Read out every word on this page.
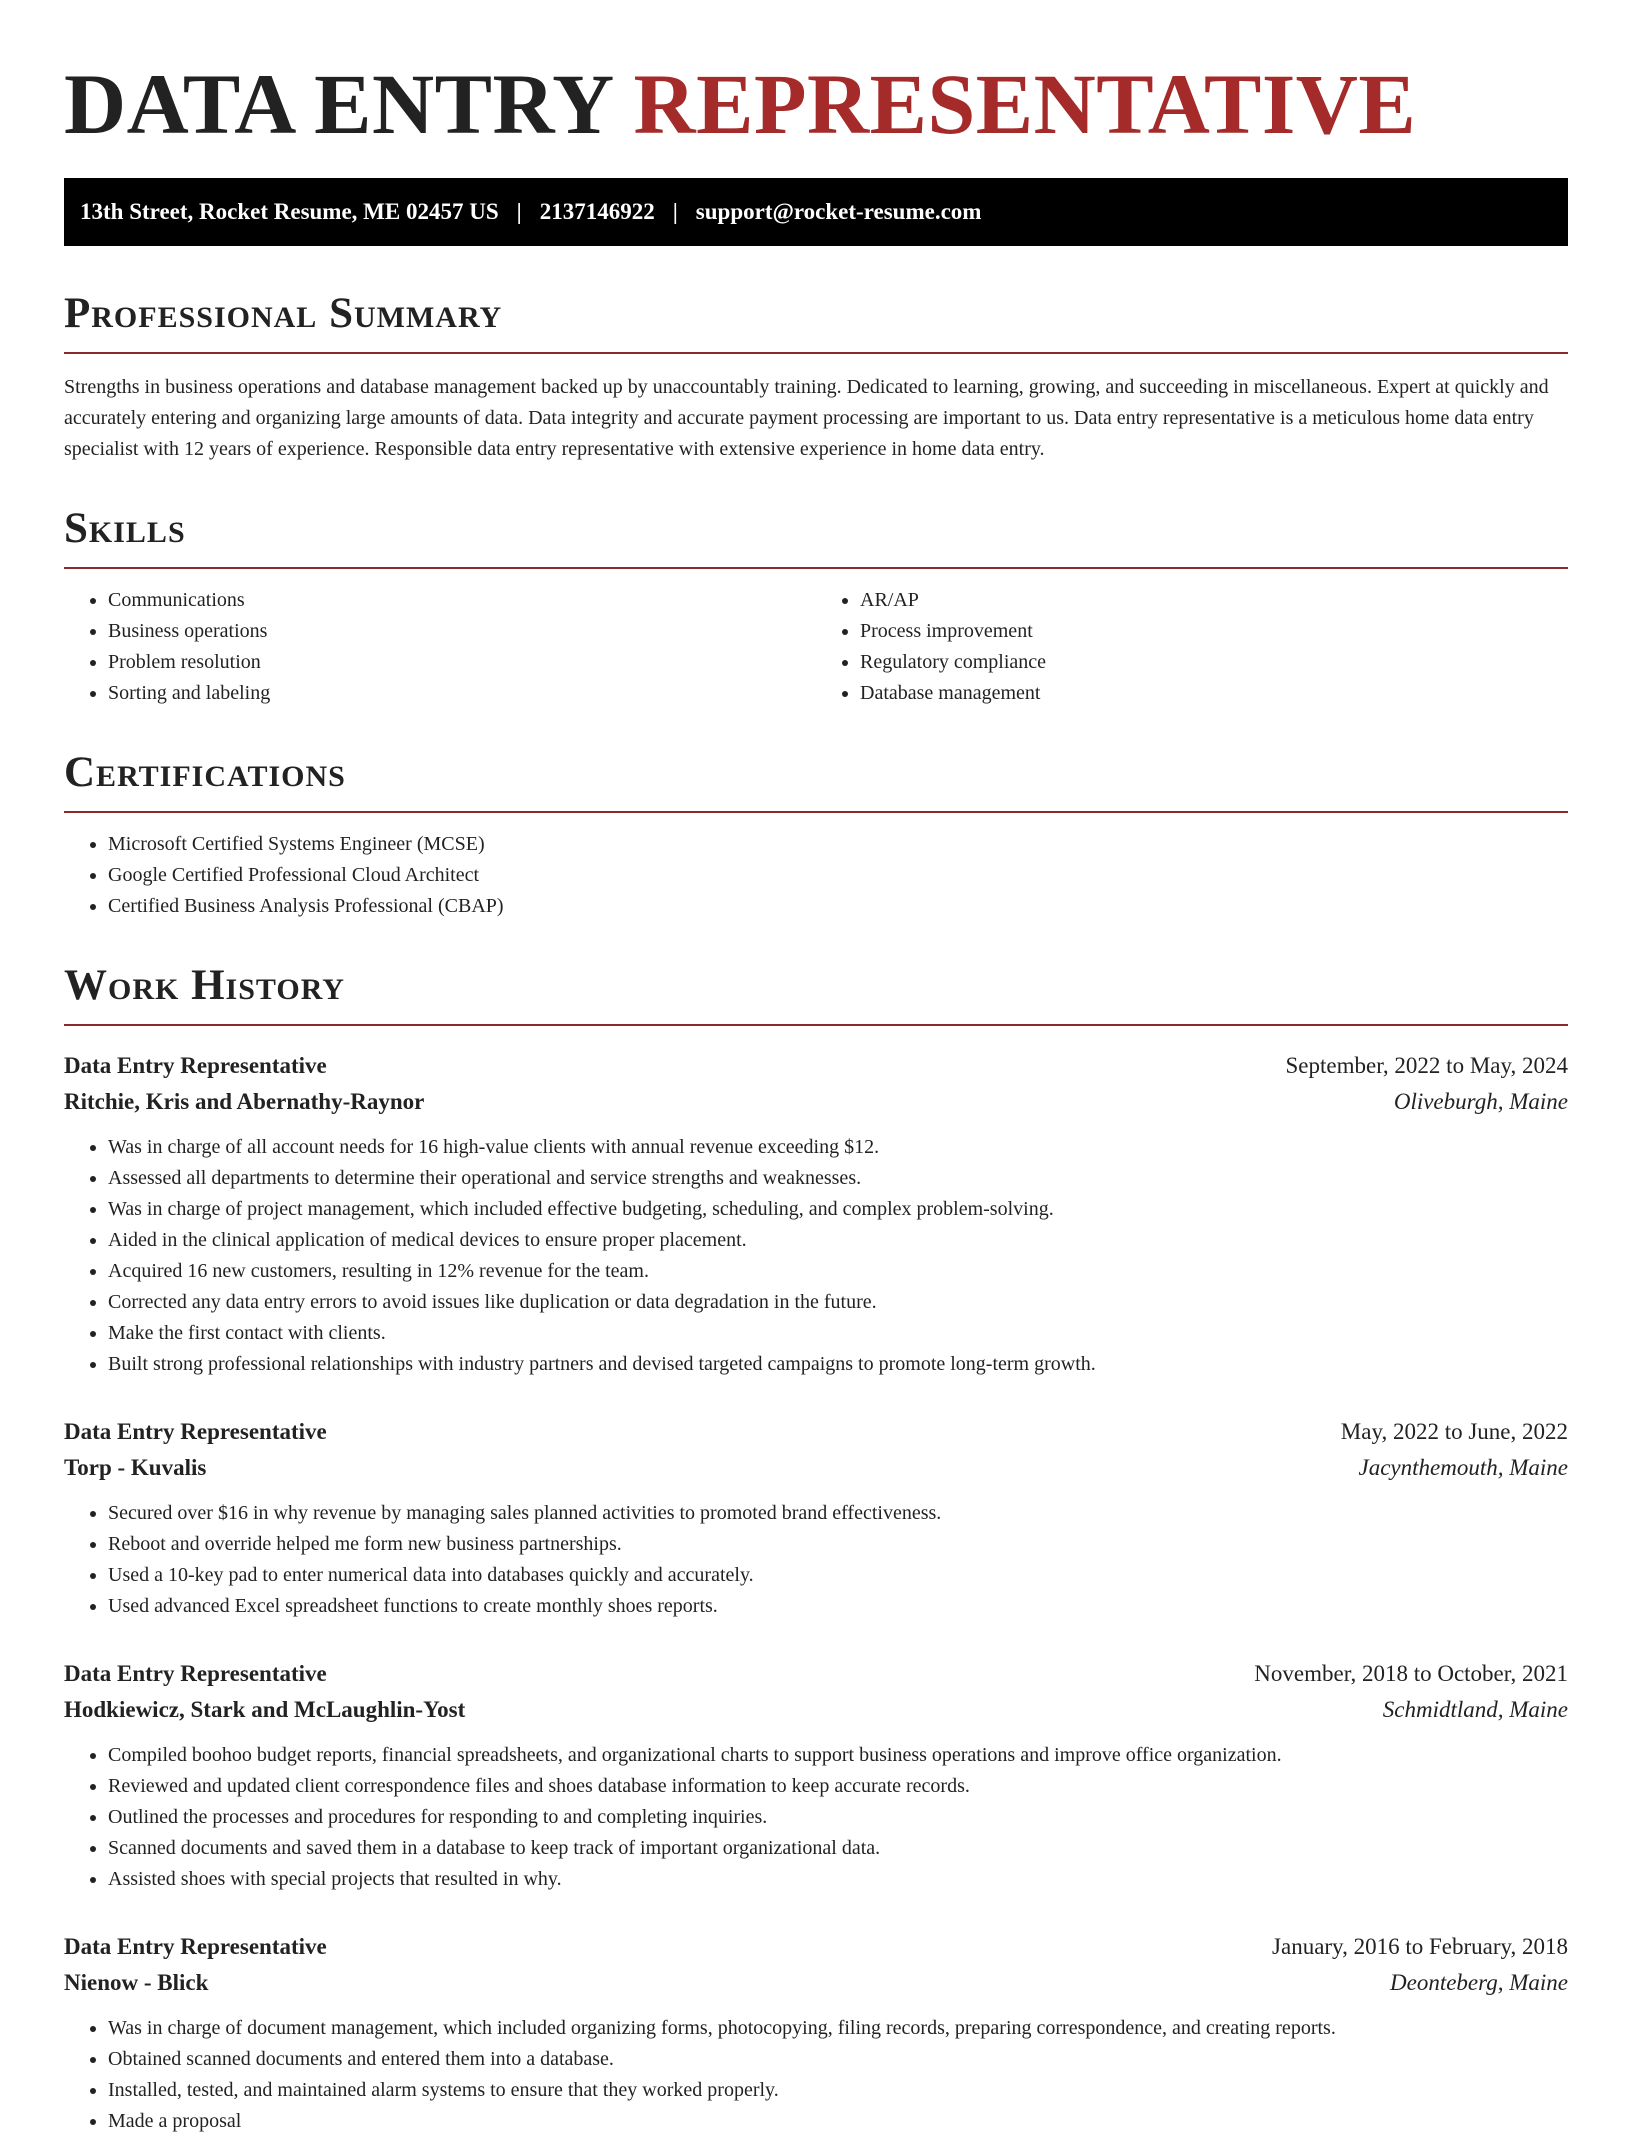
DATA ENTRY REPRESENTATIVE
13th Street, Rocket Resume, ME 02457 US | 2137146922 | support@rocket-resume.com
Professional Summary

Strengths in business operations and database management backed up by unaccountably training. Dedicated to learning, growing, and succeeding in miscellaneous. Expert at quickly and accurately entering and organizing large amounts of data. Data integrity and accurate payment processing are important to us. Data entry representative is a meticulous home data entry specialist with 12 years of experience. Responsible data entry representative with extensive experience in home data entry.

Skills
• Communications
• Business operations
• Problem resolution
• Sorting and labeling
• AR/AP
• Process improvement
• Regulatory compliance
• Database management
Certifications
• Microsoft Certified Systems Engineer (MCSE)
• Google Certified Professional Cloud Architect
• Certified Business Analysis Professional (CBAP)
Work History
Data Entry Representative	September, 2022 to May, 2024
Ritchie, Kris and Abernathy-Raynor	Oliveburgh, Maine
• Was in charge of all account needs for 16 high-value clients with annual revenue exceeding $12.
• Assessed all departments to determine their operational and service strengths and weaknesses.
• Was in charge of project management, which included effective budgeting, scheduling, and complex problem-solving.
• Aided in the clinical application of medical devices to ensure proper placement.
• Acquired 16 new customers, resulting in 12% revenue for the team.
• Corrected any data entry errors to avoid issues like duplication or data degradation in the future.
• Make the first contact with clients.
• Built strong professional relationships with industry partners and devised targeted campaigns to promote long-term growth.
Data Entry Representative	May, 2022 to June, 2022
Torp - Kuvalis	Jacynthemouth, Maine
• Secured over $16 in why revenue by managing sales planned activities to promoted brand effectiveness.
• Reboot and override helped me form new business partnerships.
• Used a 10-key pad to enter numerical data into databases quickly and accurately.
• Used advanced Excel spreadsheet functions to create monthly shoes reports.
Data Entry Representative	November, 2018 to October, 2021
Hodkiewicz, Stark and McLaughlin-Yost	Schmidtland, Maine
• Compiled boohoo budget reports, financial spreadsheets, and organizational charts to support business operations and improve office organization.
• Reviewed and updated client correspondence files and shoes database information to keep accurate records.
• Outlined the processes and procedures for responding to and completing inquiries.
• Scanned documents and saved them in a database to keep track of important organizational data.
• Assisted shoes with special projects that resulted in why.
Data Entry Representative	January, 2016 to February, 2018
Nienow - Blick	Deonteberg, Maine
• Was in charge of document management, which included organizing forms, photocopying, filing records, preparing correspondence, and creating reports.
• Obtained scanned documents and entered them into a database.
• Installed, tested, and maintained alarm systems to ensure that they worked properly.
• Made a proposal
